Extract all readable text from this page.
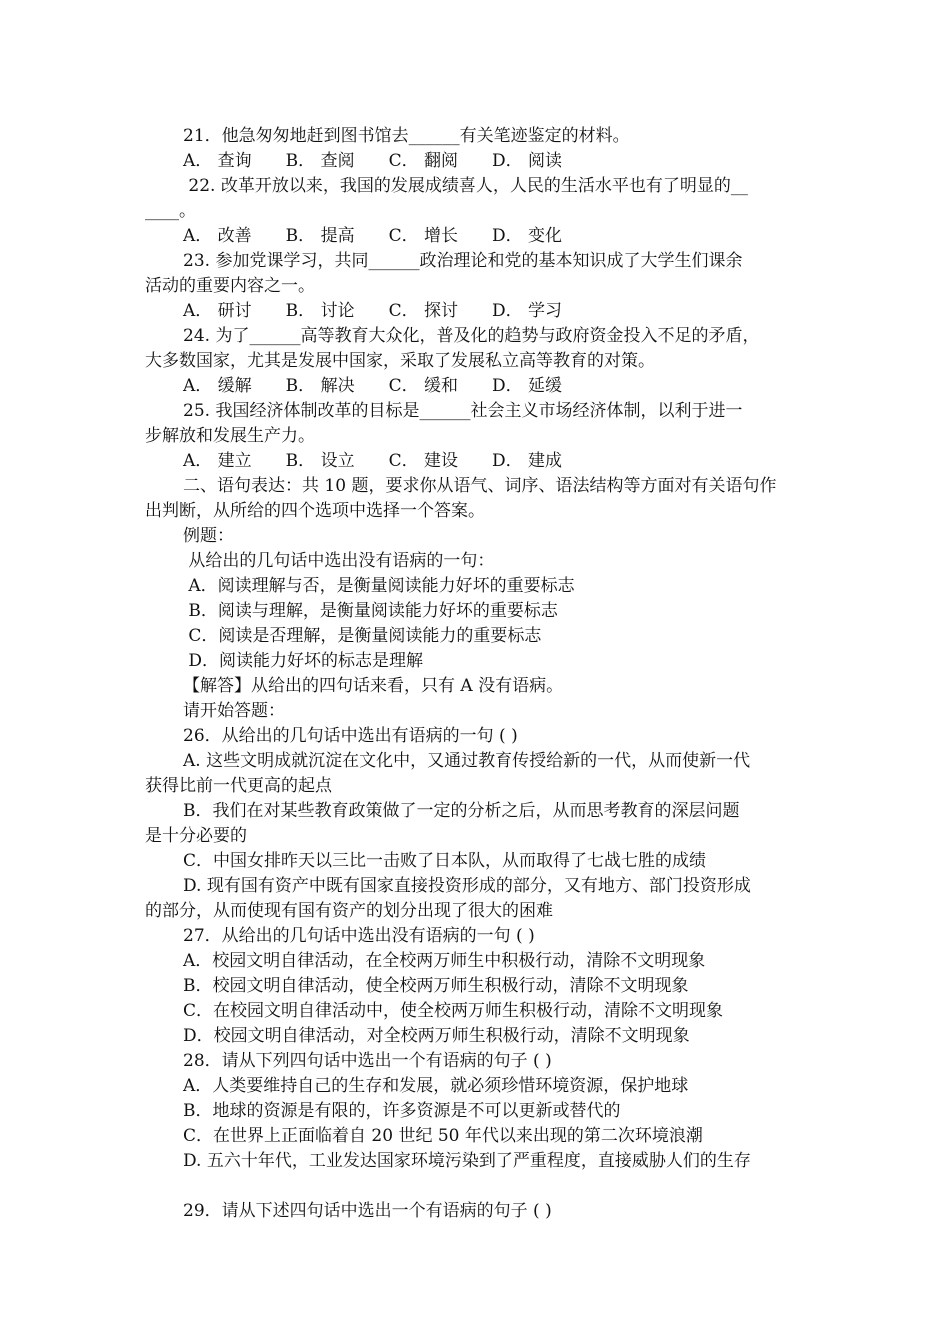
21．他急匆匆地赶到图书馆去______有关笔迹鉴定的材料。
A． 查询　　B． 查阅　　C． 翻阅　　D． 阅读
22. 改革开放以来，我国的发展成绩喜人，人民的生活水平也有了明显的__
____。
A． 改善　　B． 提高　　C． 增长　　D． 变化
23. 参加党课学习，共同______政治理论和党的基本知识成了大学生们课余
活动的重要内容之一。
A． 研讨　　B． 讨论　　C． 探讨　　D． 学习
24. 为了______高等教育大众化，普及化的趋势与政府资金投入不足的矛盾，
大多数国家，尤其是发展中国家，采取了发展私立高等教育的对策。
A． 缓解　　B． 解决　　C． 缓和　　D． 延缓
25. 我国经济体制改革的目标是______社会主义市场经济体制，以利于进一
步解放和发展生产力。
A． 建立　　B． 设立　　C． 建设　　D． 建成
二、语句表达：共 10 题，要求你从语气、词序、语法结构等方面对有关语句作
出判断，从所给的四个选项中选择一个答案。
例题：
从给出的几句话中选出没有语病的一句：
A．阅读理解与否，是衡量阅读能力好坏的重要标志
B．阅读与理解，是衡量阅读能力好坏的重要标志
C．阅读是否理解，是衡量阅读能力的重要标志
D．阅读能力好坏的标志是理解
【解答】从给出的四句话来看，只有 A 没有语病。
请开始答题：
26．从给出的几句话中选出有语病的一句 ( )
A. 这些文明成就沉淀在文化中，又通过教育传授给新的一代，从而使新一代
获得比前一代更高的起点
B．我们在对某些教育政策做了一定的分析之后，从而思考教育的深层问题
是十分必要的
C．中国女排昨天以三比一击败了日本队，从而取得了七战七胜的成绩
D. 现有国有资产中既有国家直接投资形成的部分，又有地方、部门投资形成
的部分，从而使现有国有资产的划分出现了很大的困难
27．从给出的几句话中选出没有语病的一句 ( )
A．校园文明自律活动，在全校两万师生中积极行动，清除不文明现象
B．校园文明自律活动，使全校两万师生积极行动，清除不文明现象
C．在校园文明自律活动中，使全校两万师生积极行动，清除不文明现象
D．校园文明自律活动，对全校两万师生积极行动，清除不文明现象
28．请从下列四句话中选出一个有语病的句子 ( )
A．人类要维持自己的生存和发展，就必须珍惜环境资源，保护地球
B．地球的资源是有限的，许多资源是不可以更新或替代的
C．在世界上正面临着自 20 世纪 50 年代以来出现的第二次环境浪潮
D. 五六十年代，工业发达国家环境污染到了严重程度，直接威胁人们的生存
29．请从下述四句话中选出一个有语病的句子 ( )
